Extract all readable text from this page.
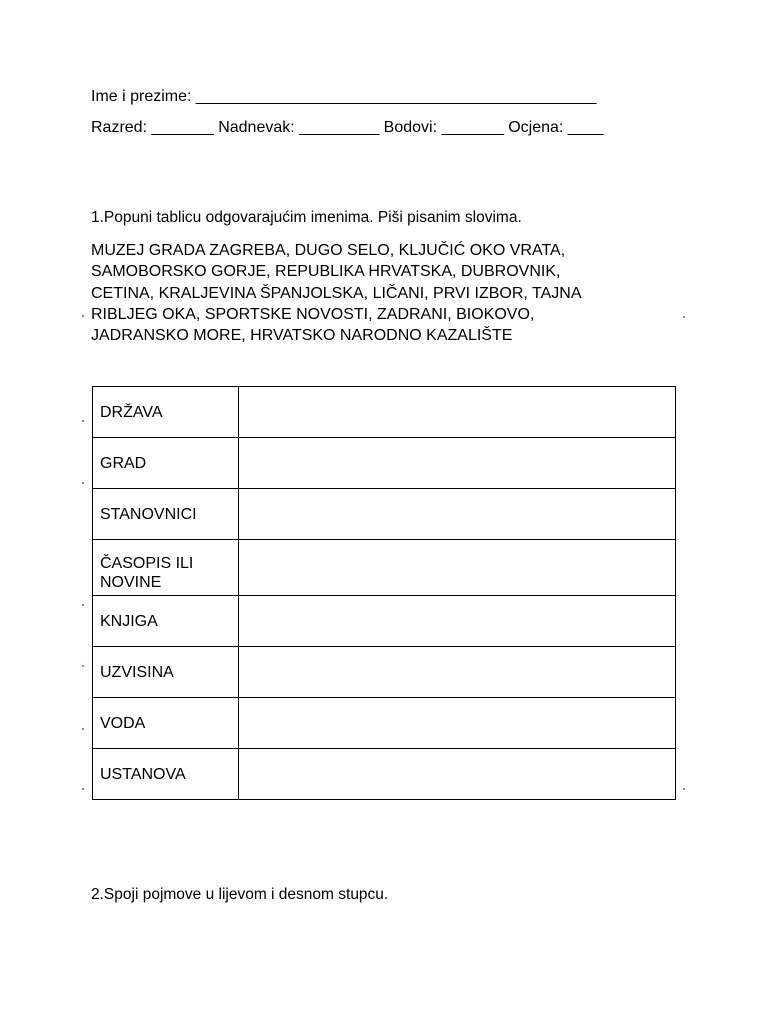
Ime i prezime: _____________________________________________
Razred: _______ Nadnevak: _________ Bodovi: _______ Ocjena: ____
1.Popuni tablicu odgovarajućim imenima. Piši pisanim slovima.
MUZEJ GRADA ZAGREBA, DUGO SELO, KLJUČIĆ OKO VRATA,
SAMOBORSKO GORJE, REPUBLIKA HRVATSKA, DUBROVNIK,
CETINA, KRALJEVINA ŠPANJOLSKA, LIČANI, PRVI IZBOR, TAJNA
RIBLJEG OKA, SPORTSKE NOVOSTI, ZADRANI, BIOKOVO,
JADRANSKO MORE, HRVATSKO NARODNO KAZALIŠTE
DRŽAVA	
GRAD	
STANOVNICI	
ČASOPIS ILI NOVINE	
KNJIGA	
UZVISINA	
VODA	
USTANOVA	
2.Spoji pojmove u lijevom i desnom stupcu.
